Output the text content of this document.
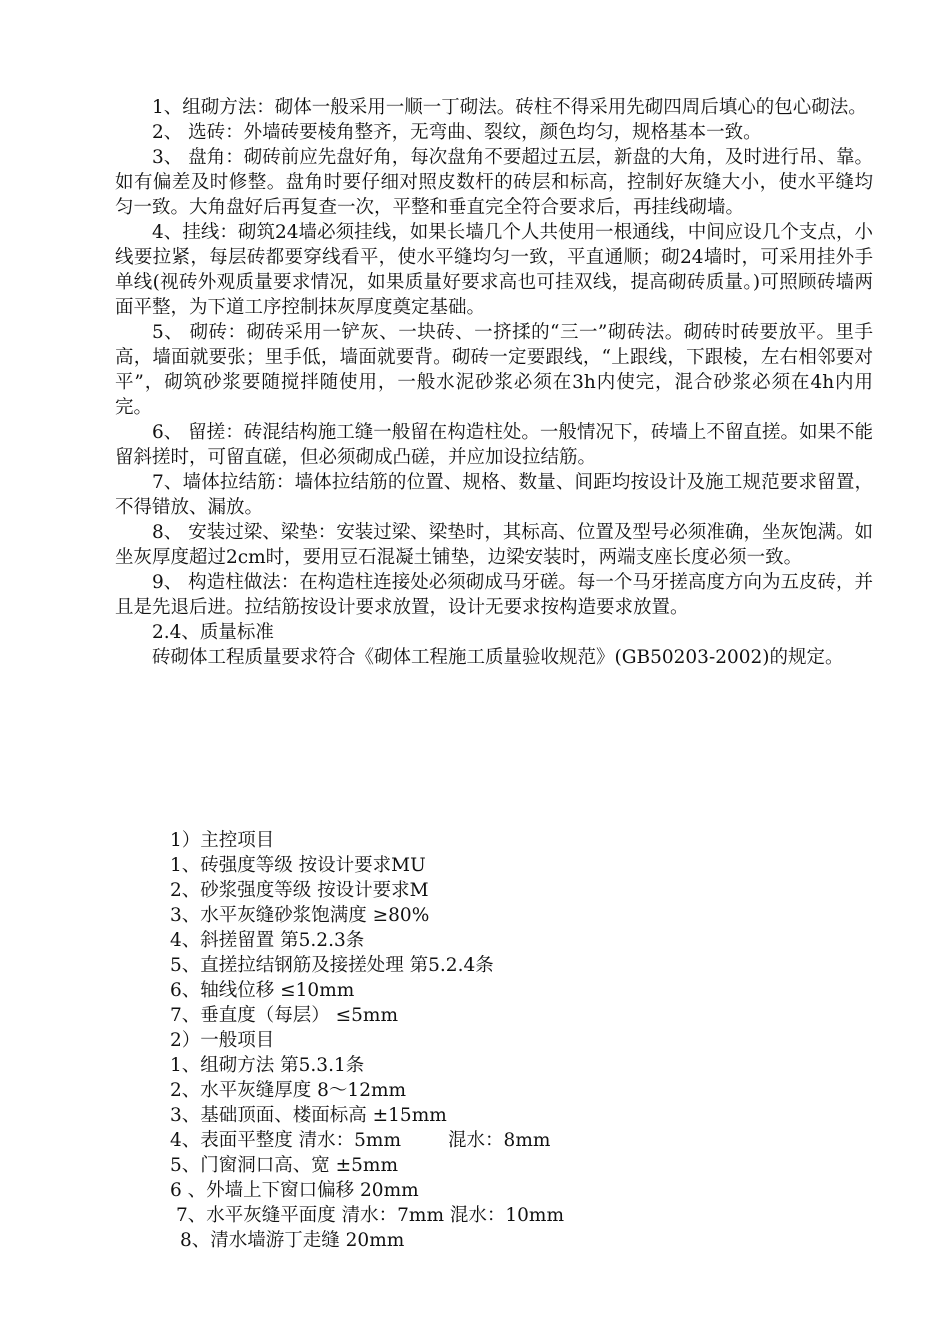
1、组砌方法：砌体一般采用一顺一丁砌法。砖柱不得采用先砌四周后填心的包心砌法。

2、 选砖：外墙砖要棱角整齐，无弯曲、裂纹，颜色均匀，规格基本一致。

3、 盘角：砌砖前应先盘好角，每次盘角不要超过五层，新盘的大角，及时进行吊、靠。如有偏差及时修整。盘角时要仔细对照皮数杆的砖层和标高，控制好灰缝大小，使水平缝均匀一致。大角盘好后再复查一次，平整和垂直完全符合要求后，再挂线砌墙。

4、挂线：砌筑24墙必须挂线，如果长墙几个人共使用一根通线，中间应设几个支点，小线要拉紧，每层砖都要穿线看平，使水平缝均匀一致，平直通顺；砌24墙时，可采用挂外手单线(视砖外观质量要求情况，如果质量好要求高也可挂双线，提高砌砖质量。)可照顾砖墙两面平整，为下道工序控制抹灰厚度奠定基础。

5、 砌砖：砌砖采用一铲灰、一块砖、一挤揉的“三一”砌砖法。砌砖时砖要放平。里手高，墙面就要张；里手低，墙面就要背。砌砖一定要跟线，“上跟线，下跟棱，左右相邻要对平”，砌筑砂浆要随搅拌随使用，一般水泥砂浆必须在3h内使完，混合砂浆必须在4h内用完。

6、 留搓：砖混结构施工缝一般留在构造柱处。一般情况下，砖墙上不留直搓。如果不能留斜搓时，可留直磋，但必须砌成凸磋，并应加设拉结筋。

7、墙体拉结筋：墙体拉结筋的位置、规格、数量、间距均按设计及施工规范要求留置，不得错放、漏放。

8、 安装过梁、梁垫：安装过梁、梁垫时，其标高、位置及型号必须准确，坐灰饱满。如坐灰厚度超过2cm时，要用豆石混凝土铺垫，边梁安装时，两端支座长度必须一致。

9、 构造柱做法：在构造柱连接处必须砌成马牙磋。每一个马牙搓高度方向为五皮砖，并且是先退后进。拉结筋按设计要求放置，设计无要求按构造要求放置。

2.4、质量标准

砖砌体工程质量要求符合《砌体工程施工质量验收规范》(GB50203-2002)的规定。

1）主控项目
1、砖强度等级 按设计要求MU
2、砂浆强度等级 按设计要求M
3、水平灰缝砂浆饱满度 ≥80%
4、斜搓留置 第5.2.3条
5、直搓拉结钢筋及接搓处理 第5.2.4条
6、轴线位移 ≤10mm
7、垂直度（每层） ≤5mm
2）一般项目
1、组砌方法 第5.3.1条
2、水平灰缝厚度 8～12mm
3、基础顶面、楼面标高 ±15mm
4、表面平整度 清水：5mm        混水：8mm
5、门窗洞口高、宽 ±5mm
6 、外墙上下窗口偏移 20mm
7、水平灰缝平面度 清水：7mm 混水：10mm
8、清水墙游丁走缝 20mm
